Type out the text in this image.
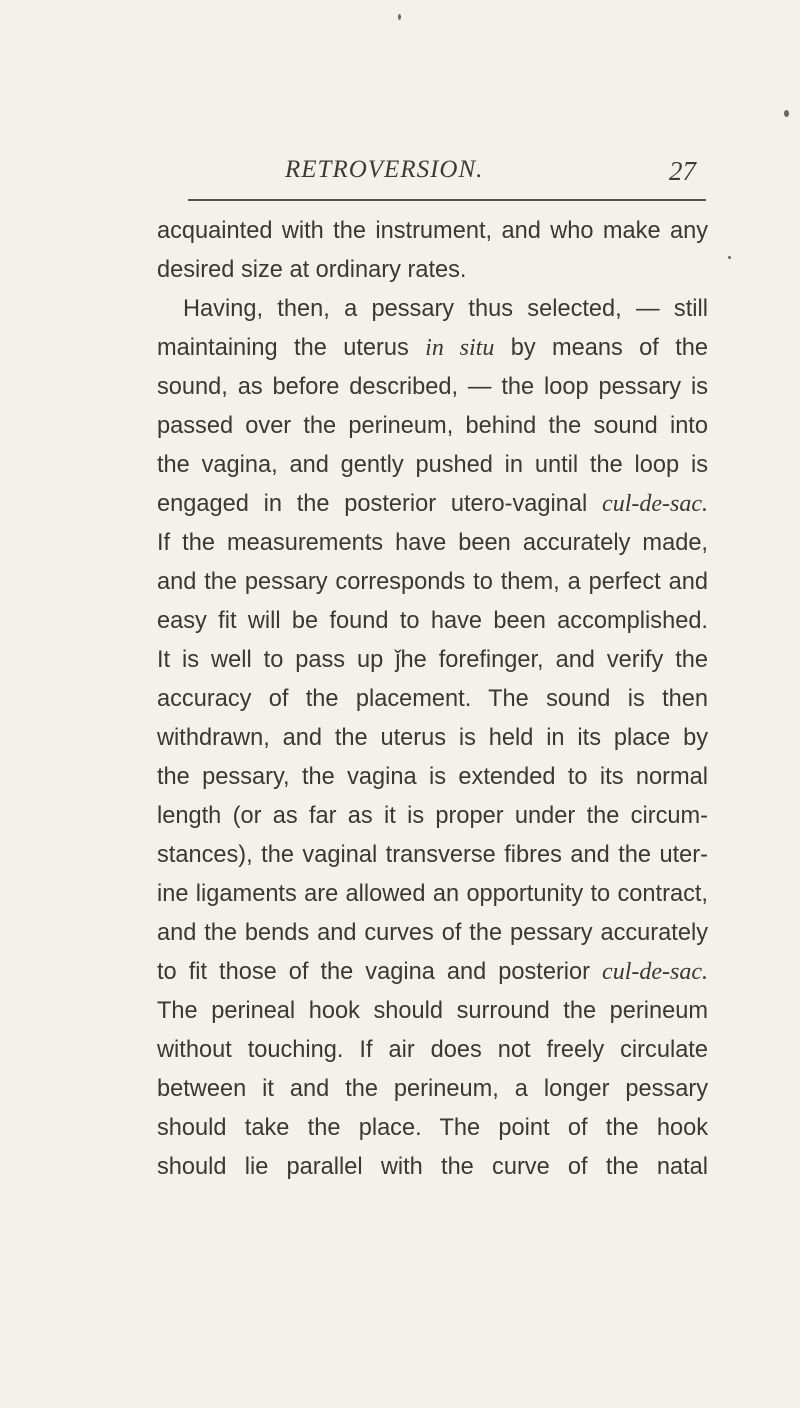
RETROVERSION.	27
acquainted with the instrument, and who make any
desired size at ordinary rates.
Having, then, a pessary thus selected, — still
maintaining the uterus in situ by means of the
sound, as before described, — the loop pessary is
passed over the perineum, behind the sound into
the vagina, and gently pushed in until the loop is
engaged in the posterior utero-vaginal cul-de-sac.
If the measurements have been accurately made,
and the pessary corresponds to them, a perfect and
easy fit will be found to have been accomplished.
It is well to pass up ǰhe forefinger, and verify the
accuracy of the placement. The sound is then
withdrawn, and the uterus is held in its place by
the pessary, the vagina is extended to its normal
length (or as far as it is proper under the circum-
stances), the vaginal transverse fibres and the uter-
ine ligaments are allowed an opportunity to contract,
and the bends and curves of the pessary accurately
to fit those of the vagina and posterior cul-de-sac.
The perineal hook should surround the perineum
without touching. If air does not freely circulate
between it and the perineum, a longer pessary
should take the place. The point of the hook
should lie parallel with the curve of the natal
